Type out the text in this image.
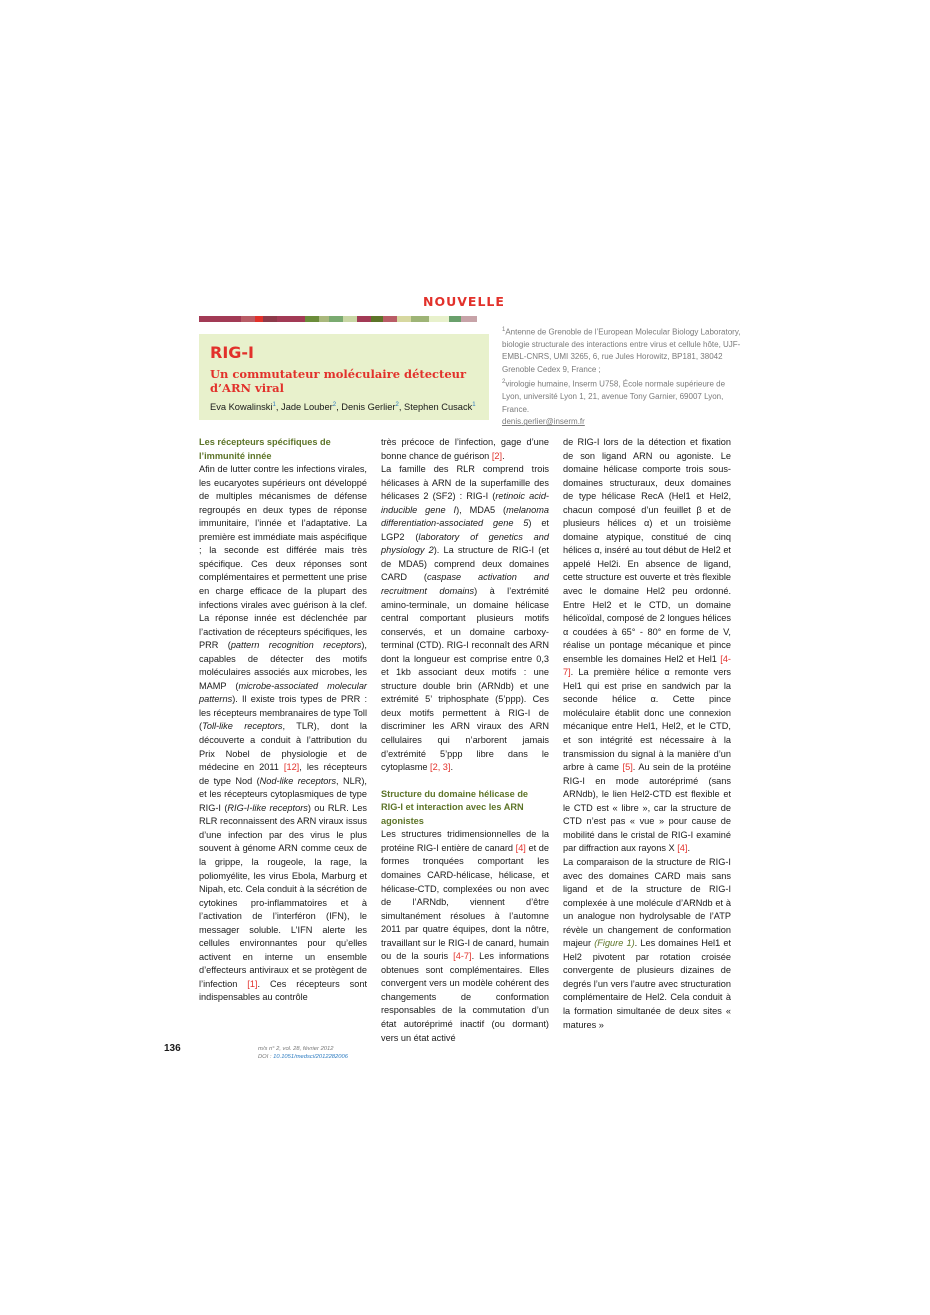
NOUVELLE
RIG-I
Un commutateur moléculaire détecteur d’ARN viral
Eva Kowalinski$^1$, Jade Louber$^2$, Denis Gerlier$^2$, Stephen Cusack$^1$
$^1$Antenne de Grenoble de l’European Molecular Biology Laboratory, biologie structurale des interactions entre virus et cellule hôte, UJF-EMBL-CNRS, UMI 3265, 6, rue Jules Horowitz, BP181, 38042 Grenoble Cedex 9, France ;
$^2$virologie humaine, Inserm U758, École normale supérieure de Lyon, université Lyon 1, 21, avenue Tony Garnier, 69007 Lyon, France.
denis.gerlier@inserm.fr

Les récepteurs spécifiques de l’immunité innée

Afin de lutter contre les infections virales, les eucaryotes supérieurs ont développé de multiples mécanismes de défense regroupés en deux types de réponse immunitaire, l’innée et l’adaptative. La première est immédiate mais aspécifique ; la seconde est différée mais très spécifique. Ces deux réponses sont complémentaires et permettent une prise en charge efficace de la plupart des infections virales avec guérison à la clef. La réponse innée est déclenchée par l’activation de récepteurs spécifiques, les PRR (pattern recognition receptors), capables de détecter des motifs moléculaires associés aux microbes, les MAMP (microbe-associated molecular patterns). Il existe trois types de PRR : les récepteurs membranaires de type Toll (Toll-like receptors, TLR), dont la découverte a conduit à l’attribution du Prix Nobel de physiologie et de médecine en 2011 [12], les récepteurs de type Nod (Nod-like receptors, NLR), et les récepteurs cytoplasmiques de type RIG-I (RIG-I-like receptors) ou RLR. Les RLR reconnaissent des ARN viraux issus d’une infection par des virus le plus souvent à génome ARN comme ceux de la grippe, la rougeole, la rage, la poliomyélite, les virus Ebola, Marburg et Nipah, etc. Cela conduit à la sécrétion de cytokines pro-inflammatoires et à l’activation de l’interféron (IFN), le messager soluble. L’IFN alerte les cellules environnantes pour qu’elles activent en interne un ensemble d’effecteurs antiviraux et se protègent de l’infection [1]. Ces récepteurs sont indispensables au contrôle

très précoce de l’infection, gage d’une bonne chance de guérison [2].

La famille des RLR comprend trois hélicases à ARN de la superfamille des hélicases 2 (SF2) : RIG-I (retinoic acid-inducible gene I), MDA5 (melanoma differentiation-associated gene 5) et LGP2 (laboratory of genetics and physiology 2). La structure de RIG-I (et de MDA5) comprend deux domaines CARD (caspase activation and recruitment domains) à l’extrémité amino-terminale, un domaine hélicase central comportant plusieurs motifs conservés, et un domaine carboxy-terminal (CTD). RIG-I reconnaît des ARN dont la longueur est comprise entre 0,3 et 1kb associant deux motifs : une structure double brin (ARNdb) et une extrémité 5’ triphosphate (5’ppp). Ces deux motifs permettent à RIG-I de discriminer les ARN viraux des ARN cellulaires qui n’arborent jamais d’extrémité 5’ppp libre dans le cytoplasme [2, 3].

Structure du domaine hélicase de RIG-I et interaction avec les ARN agonistes

Les structures tridimensionnelles de la protéine RIG-I entière de canard [4] et de formes tronquées comportant les domaines CARD-hélicase, hélicase, et hélicase-CTD, complexées ou non avec de l’ARNdb, viennent d’être simultanément résolues à l’automne 2011 par quatre équipes, dont la nôtre, travaillant sur le RIG-I de canard, humain ou de la souris [4-7]. Les informations obtenues sont complémentaires. Elles convergent vers un modèle cohérent des changements de conformation responsables de la commutation d’un état autoréprimé inactif (ou dormant) vers un état activé

de RIG-I lors de la détection et fixation de son ligand ARN ou agoniste. Le domaine hélicase comporte trois sous-domaines structuraux, deux domaines de type hélicase RecA (Hel1 et Hel2, chacun composé d’un feuillet β et de plusieurs hélices α) et un troisième domaine atypique, constitué de cinq hélices α, inséré au tout début de Hel2 et appelé Hel2i. En absence de ligand, cette structure est ouverte et très flexible avec le domaine Hel2 peu ordonné. Entre Hel2 et le CTD, un domaine hélicoïdal, composé de 2 longues hélices α coudées à 65° - 80° en forme de V, réalise un pontage mécanique et pince ensemble les domaines Hel2 et Hel1 [4-7]. La première hélice α remonte vers Hel1 qui est prise en sandwich par la seconde hélice α. Cette pince moléculaire établit donc une connexion mécanique entre Hel1, Hel2, et le CTD, et son intégrité est nécessaire à la transmission du signal à la manière d’un arbre à came [5]. Au sein de la protéine RIG-I en mode autoréprimé (sans ARNdb), le lien Hel2-CTD est flexible et le CTD est « libre », car la structure de CTD n’est pas « vue » pour cause de mobilité dans le cristal de RIG-I examiné par diffraction aux rayons X [4].

La comparaison de la structure de RIG-I avec des domaines CARD mais sans ligand et de la structure de RIG-I complexée à une molécule d’ARNdb et à un analogue non hydrolysable de l’ATP révèle un changement de conformation majeur (Figure 1). Les domaines Hel1 et Hel2 pivotent par rotation croisée convergente de plusieurs dizaines de degrés l’un vers l’autre avec structuration complémentaire de Hel2. Cela conduit à la formation simultanée de deux sites « matures »

136	m/s n° 2, vol. 28, février 2012
DOI : 10.1051/medsci/2012282006
